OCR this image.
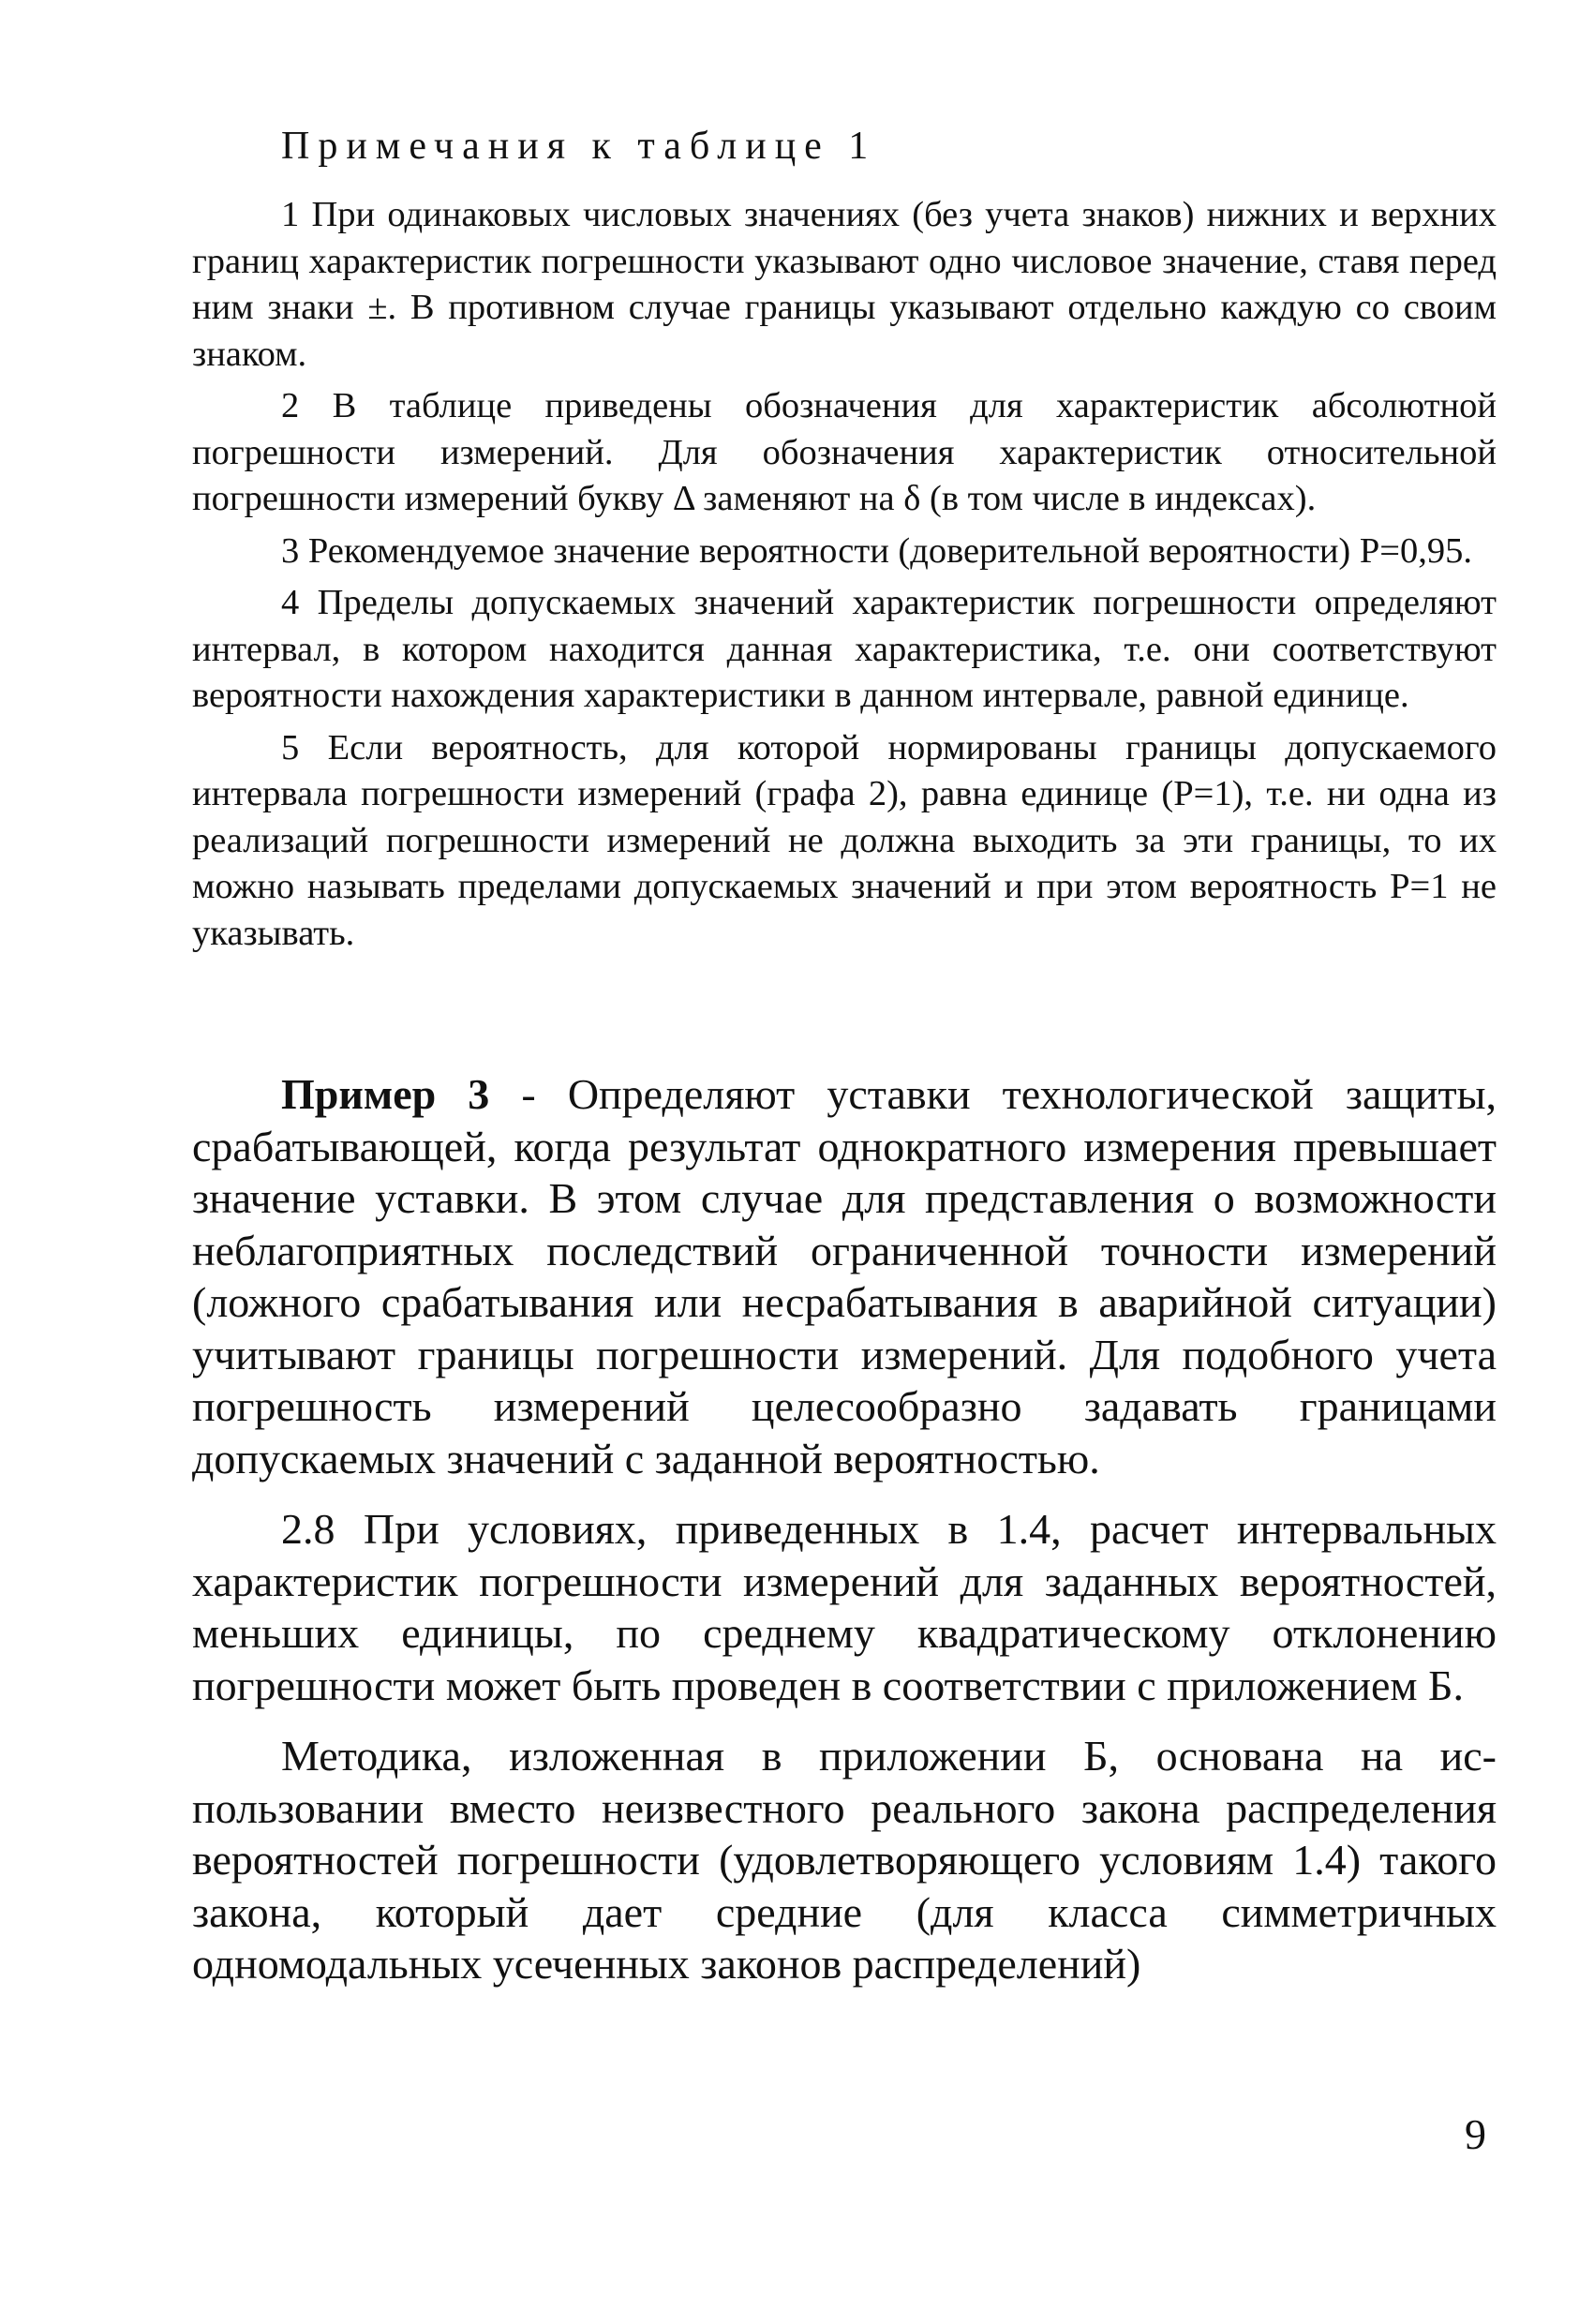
Примечания к таблице 1

1 При одинаковых числовых значениях (без учета знаков) нижних и верхних границ характеристик погрешности указывают одно числовое значение, ставя перед ним знаки ±. В противном случае границы указывают отдельно каждую со своим знаком.

2 В таблице приведены обозначения для характеристик абсолютной погрешности измерений. Для обозначения характеристик относительной погрешности измерений букву Δ заменяют на δ (в том числе в индексах).

3 Рекомендуемое значение вероятности (доверительной вероятности) Р=0,95.

4 Пределы допускаемых значений характеристик погрешности определяют интервал, в котором находится данная характеристика, т.е. они соответствуют вероятности нахождения характеристики в данном интервале, равной единице.

5 Если вероятность, для которой нормированы границы допускаемого интервала погрешности измерений (графа 2), равна единице (Р=1), т.е. ни одна из реализаций погрешности измерений не должна выходить за эти границы, то их можно называть пределами допускаемых значений и при этом вероятность Р=1 не указывать.

Пример 3 - Определяют уставки технологической защиты, срабатывающей, когда результат однократного измерения превышает значение уставки. В этом случае для представления о возможности неблагоприятных последствий ограниченной точности измерений (ложного срабатывания или несрабатывания в аварийной ситуации) учитывают границы погрешности измерений. Для подобного учета погрешность измерений целесообразно задавать границами допускаемых значений с заданной вероятностью.

2.8 При условиях, приведенных в 1.4, расчет интервальных характеристик погрешности измерений для заданных вероятностей, меньших единицы, по среднему квадратическому отклонению погрешности может быть проведен в соответствии с приложением Б.

Методика, изложенная в приложении Б, основана на использовании вместо неизвестного реального закона распределения вероятностей погрешности (удовлетворяющего условиям 1.4) такого закона, который дает средние (для класса симметричных одномодальных усеченных законов распределений)

9
